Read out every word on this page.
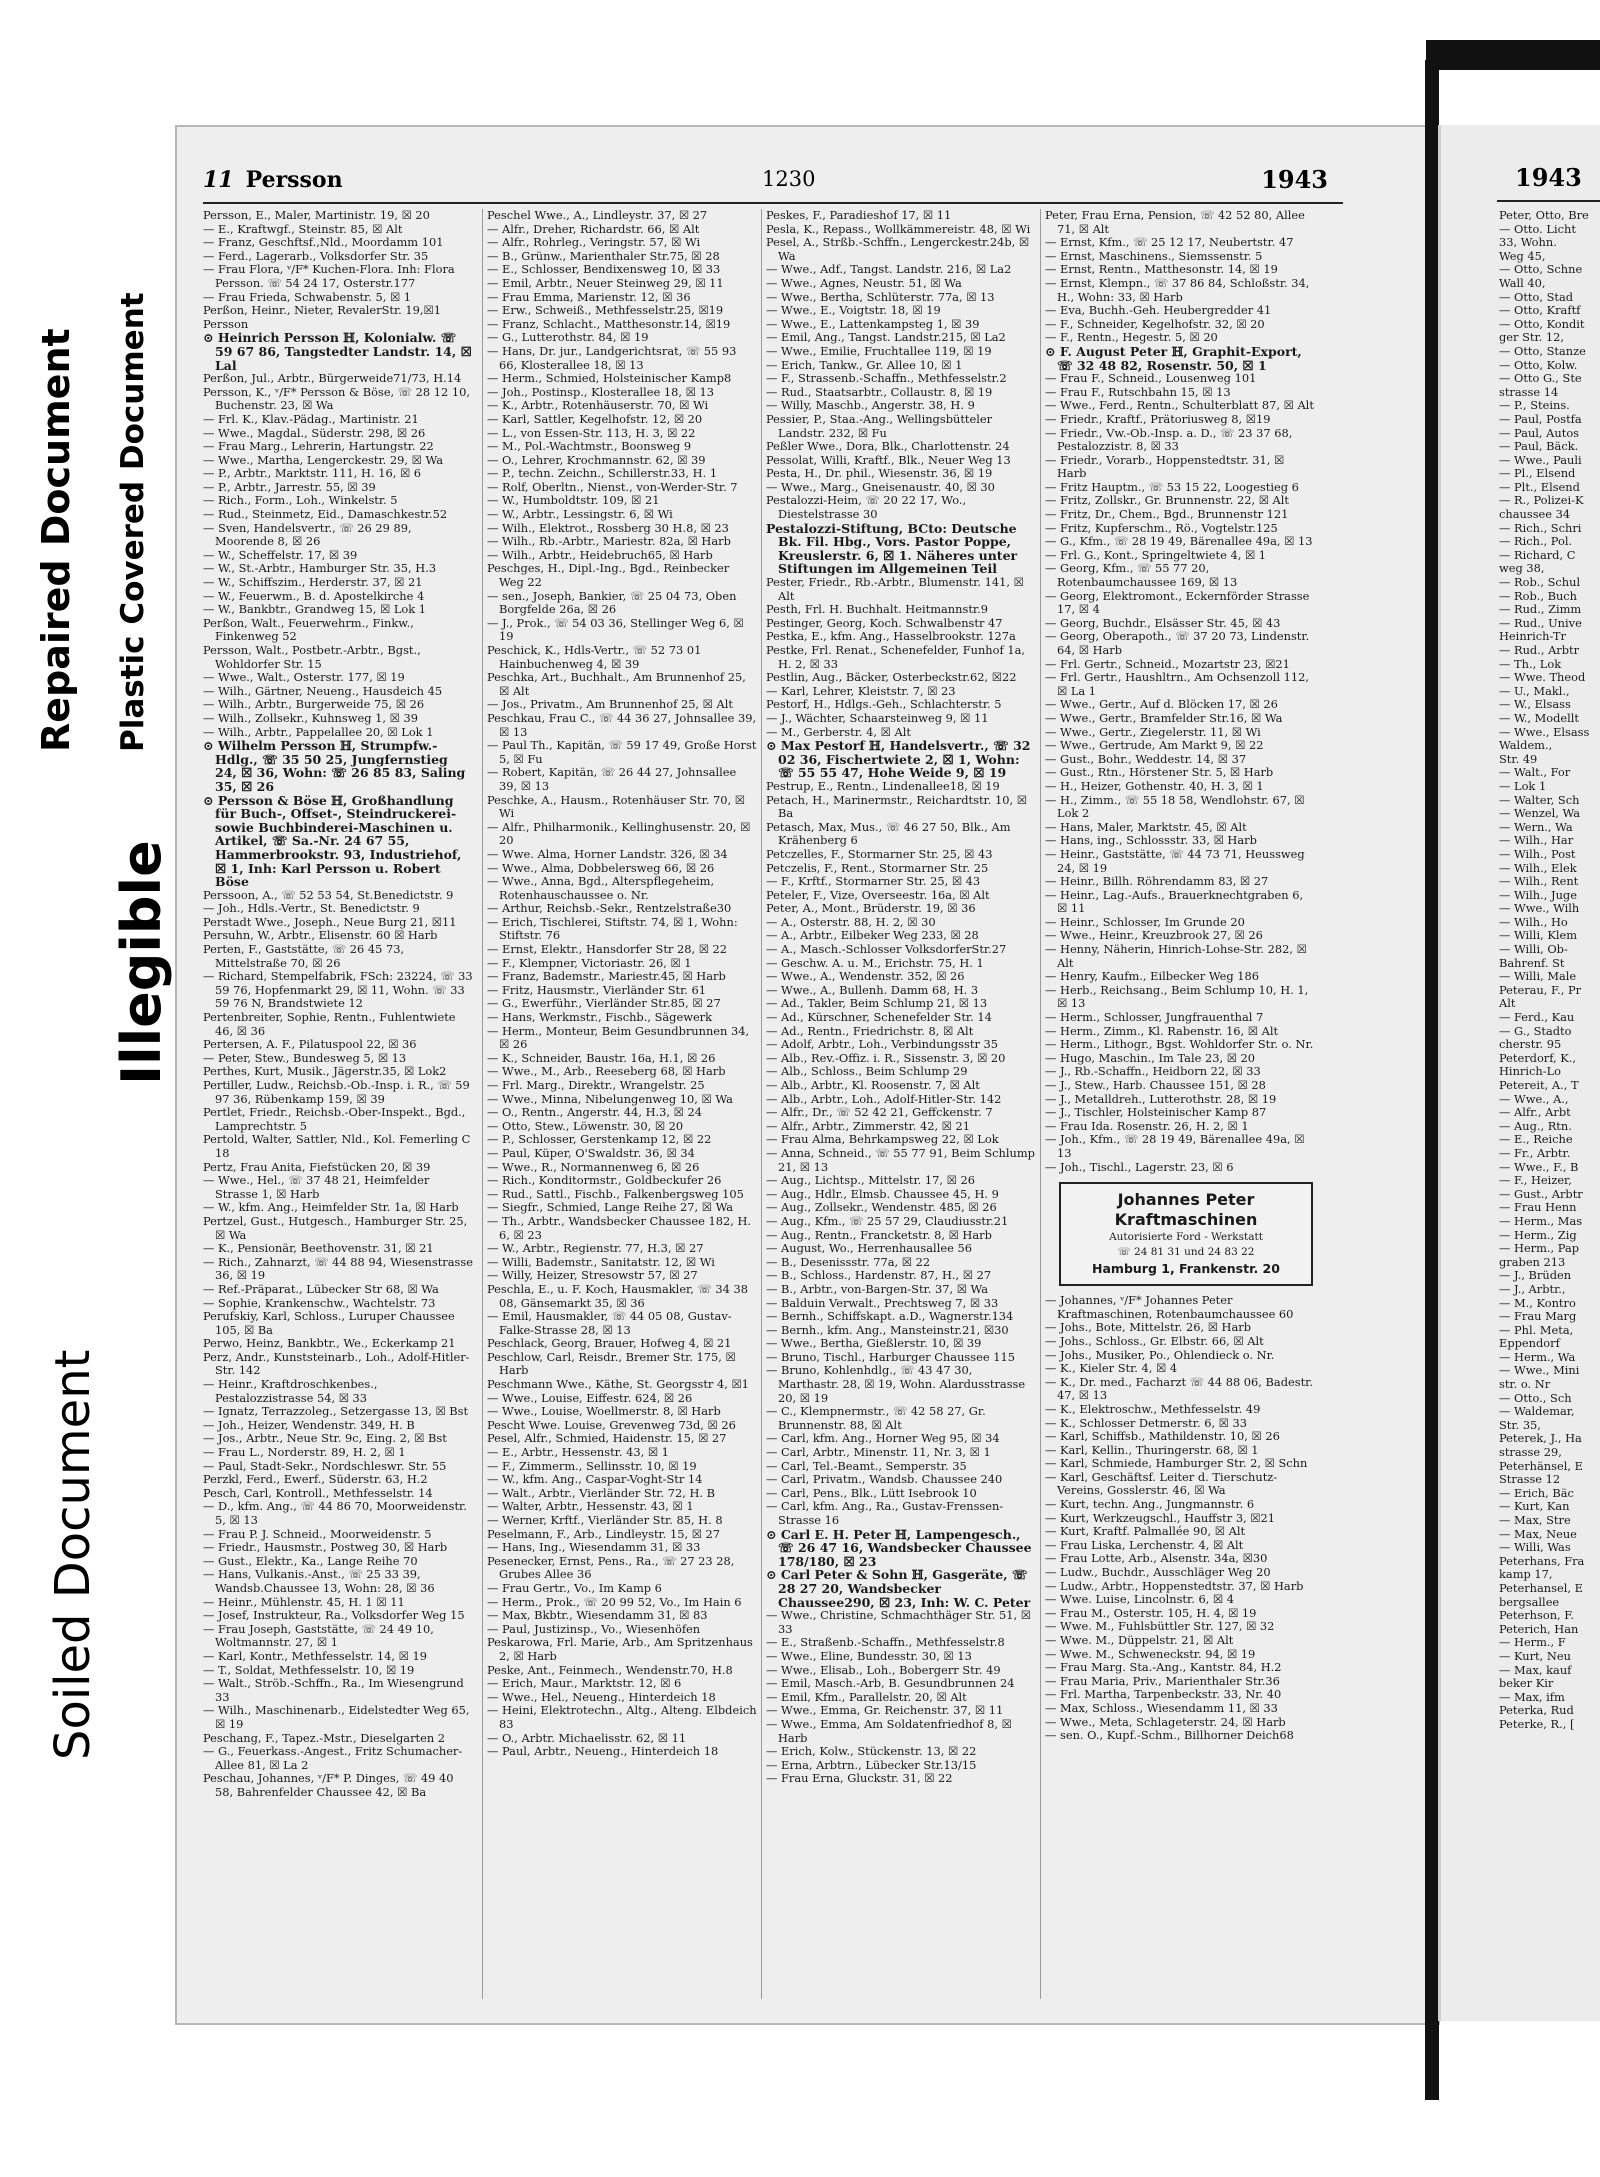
Repaired Document Plastic Covered Document
Illegible
Soiled Document
11 Persson	1230	1943

Persson, E., Maler, Martinistr. 19, ☒ 20

— E., Kraftwgf., Steinstr. 85, ☒ Alt

— Franz, Geschftsf.,Nld., Moordamm 101

— Ferd., Lagerarb., Volksdorfer Str. 35

— Frau Flora, ᵛ/F* Kuchen-Flora. Inh: Flora Persson. ☏ 54 24 17, Osterstr.177

— Frau Frieda, Schwabenstr. 5, ☒ 1

Perßon, Heinr., Nieter, RevalerStr. 19,☒1

Persson

⊙ Heinrich Persson ℍ, Kolonialw. ☏ 59 67 86, Tangstedter Landstr. 14, ☒ Lal

Perßon, Jul., Arbtr., Bürgerweide71/73, H.14

Persson, K., ᵛ/F* Persson & Böse, ☏ 28 12 10, Buchenstr. 23, ☒ Wa

— Frl. K., Klav.-Pädag., Martinistr. 21

— Wwe., Magdal., Süderstr. 298, ☒ 26

— Frau Marg., Lehrerin, Hartungstr. 22

— Wwe., Martha, Lengerckestr. 29, ☒ Wa

— P., Arbtr., Marktstr. 111, H. 16, ☒ 6

— P., Arbtr., Jarrestr. 55, ☒ 39

— Rich., Form., Loh., Winkelstr. 5

— Rud., Steinmetz, Eid., Damaschkestr.52

— Sven, Handelsvertr., ☏ 26 29 89, Moorende 8, ☒ 26

— W., Scheffelstr. 17, ☒ 39

— W., St.-Arbtr., Hamburger Str. 35, H.3

— W., Schiffszim., Herderstr. 37, ☒ 21

— W., Feuerwm., B. d. Apostelkirche 4

— W., Bankbtr., Grandweg 15, ☒ Lok 1

Perßon, Walt., Feuerwehrm., Finkw., Finkenweg 52

Persson, Walt., Postbetr.-Arbtr., Bgst., Wohldorfer Str. 15

— Wwe., Walt., Osterstr. 177, ☒ 19

— Wilh., Gärtner, Neueng., Hausdeich 45

— Wilh., Arbtr., Burgerweide 75, ☒ 26

— Wilh., Zollsekr., Kuhnsweg 1, ☒ 39

— Wilh., Arbtr., Pappelallee 20, ☒ Lok 1

⊙ Wilhelm Persson ℍ, Strumpfw.-Hdlg., ☏ 35 50 25, Jungfernstieg 24, ☒ 36, Wohn: ☏ 26 85 83, Saling 35, ☒ 26

⊙ Persson & Böse ℍ, Großhandlung für Buch-, Offset-, Steindruckerei- sowie Buchbinderei-Maschinen u. Artikel, ☏ Sa.-Nr. 24 67 55, Hammerbrookstr. 93, Industriehof, ☒ 1, Inh: Karl Persson u. Robert Böse

Perssoon, A., ☏ 52 53 54, St.Benedictstr. 9

— Joh., Hdls.-Vertr., St. Benedictstr. 9

Perstadt Wwe., Joseph., Neue Burg 21, ☒11

Persuhn, W., Arbtr., Elisenstr. 60 ☒ Harb

Perten, F., Gaststätte, ☏ 26 45 73, Mittelstraße 70, ☒ 26

— Richard, Stempelfabrik, FSch: 23224, ☏ 33 59 76, Hopfenmarkt 29, ☒ 11, Wohn. ☏ 33 59 76 N, Brandstwiete 12

Pertenbreiter, Sophie, Rentn., Fuhlentwiete 46, ☒ 36

Pertersen, A. F., Pilatuspool 22, ☒ 36

— Peter, Stew., Bundesweg 5, ☒ 13

Perthes, Kurt, Musik., Jägerstr.35, ☒ Lok2

Pertiller, Ludw., Reichsb.-Ob.-Insp. i. R., ☏ 59 97 36, Rübenkamp 159, ☒ 39

Pertlet, Friedr., Reichsb.-Ober-Inspekt., Bgd., Lamprechtstr. 5

Pertold, Walter, Sattler, Nld., Kol. Femerling C 18

Pertz, Frau Anita, Fiefstücken 20, ☒ 39

— Wwe., Hel., ☏ 37 48 21, Heimfelder Strasse 1, ☒ Harb

— W., kfm. Ang., Heimfelder Str. 1a, ☒ Harb

Pertzel, Gust., Hutgesch., Hamburger Str. 25, ☒ Wa

— K., Pensionär, Beethovenstr. 31, ☒ 21

— Rich., Zahnarzt, ☏ 44 88 94, Wiesenstrasse 36, ☒ 19

— Ref.-Präparat., Lübecker Str 68, ☒ Wa

— Sophie, Krankenschw., Wachtelstr. 73

Perufskiy, Karl, Schloss., Luruper Chaussee 105, ☒ Ba

Perwo, Heinz, Bankbtr., We., Eckerkamp 21

Perz, Andr., Kunststeinarb., Loh., Adolf-Hitler-Str. 142

— Heinr., Kraftdroschkenbes., Pestalozzistrasse 54, ☒ 33

— Ignatz, Terrazzoleg., Setzergasse 13, ☒ Bst

— Joh., Heizer, Wendenstr. 349, H. B

— Jos., Arbtr., Neue Str. 9c, Eing. 2, ☒ Bst

— Frau L., Norderstr. 89, H. 2, ☒ 1

— Paul, Stadt-Sekr., Nordschleswr. Str. 55

Perzkl, Ferd., Ewerf., Süderstr. 63, H.2

Pesch, Carl, Kontroll., Methfesselstr. 14

— D., kfm. Ang., ☏ 44 86 70, Moorweidenstr. 5, ☒ 13

— Frau P. J. Schneid., Moorweidenstr. 5

— Friedr., Hausmstr., Postweg 30, ☒ Harb

— Gust., Elektr., Ka., Lange Reihe 70

— Hans, Vulkanis.-Anst., ☏ 25 33 39, Wandsb.Chaussee 13, Wohn: 28, ☒ 36

— Heinr., Mühlenstr. 45, H. 1 ☒ 11

— Josef, Instrukteur, Ra., Volksdorfer Weg 15

— Frau Joseph, Gaststätte, ☏ 24 49 10, Woltmannstr. 27, ☒ 1

— Karl, Kontr., Methfesselstr. 14, ☒ 19

— T., Soldat, Methfesselstr. 10, ☒ 19

— Walt., Ströb.-Schffn., Ra., Im Wiesengrund 33

— Wilh., Maschinenarb., Eidelstedter Weg 65, ☒ 19

Peschang, F., Tapez.-Mstr., Dieselgarten 2

— G., Feuerkass.-Angest., Fritz Schumacher-Allee 81, ☒ La 2

Peschau, Johannes, ᵛ/F* P. Dinges, ☏ 49 40 58, Bahrenfelder Chaussee 42, ☒ Ba

Peschel Wwe., A., Lindleystr. 37, ☒ 27

— Alfr., Dreher, Richardstr. 66, ☒ Alt

— Alfr., Rohrleg., Veringstr. 57, ☒ Wi

— B., Grünw., Marienthaler Str.75, ☒ 28

— E., Schlosser, Bendixensweg 10, ☒ 33

— Emil, Arbtr., Neuer Steinweg 29, ☒ 11

— Frau Emma, Marienstr. 12, ☒ 36

— Erw., Schweiß., Methfesselstr.25, ☒19

— Franz, Schlacht., Matthesonstr.14, ☒19

— G., Lutterothstr. 84, ☒ 19

— Hans, Dr. jur., Landgerichtsrat, ☏ 55 93 66, Klosterallee 18, ☒ 13

— Herm., Schmied, Holsteinischer Kamp8

— Joh., Postinsp., Klosterallee 18, ☒ 13

— K., Arbtr., Rotenhäuserstr. 70, ☒ Wi

— Karl, Sattler, Kegelhofstr. 12, ☒ 20

— L., von Essen-Str. 113, H. 3, ☒ 22

— M., Pol.-Wachtmstr., Boonsweg 9

— O., Lehrer, Krochmannstr. 62, ☒ 39

— P., techn. Zeichn., Schillerstr.33, H. 1

— Rolf, Oberltn., Nienst., von-Werder-Str. 7

— W., Humboldtstr. 109, ☒ 21

— W., Arbtr., Lessingstr. 6, ☒ Wi

— Wilh., Elektrot., Rossberg 30 H.8, ☒ 23

— Wilh., Rb.-Arbtr., Mariestr. 82a, ☒ Harb

— Wilh., Arbtr., Heidebruch65, ☒ Harb

Peschges, H., Dipl.-Ing., Bgd., Reinbecker Weg 22

— sen., Joseph, Bankier, ☏ 25 04 73, Oben Borgfelde 26a, ☒ 26

— J., Prok., ☏ 54 03 36, Stellinger Weg 6, ☒ 19

Peschick, K., Hdls-Vertr., ☏ 52 73 01 Hainbuchenweg 4, ☒ 39

Peschka, Art., Buchhalt., Am Brunnenhof 25, ☒ Alt

— Jos., Privatm., Am Brunnenhof 25, ☒ Alt

Peschkau, Frau C., ☏ 44 36 27, Johnsallee 39, ☒ 13

— Paul Th., Kapitän, ☏ 59 17 49, Große Horst 5, ☒ Fu

— Robert, Kapitän, ☏ 26 44 27, Johnsallee 39, ☒ 13

Peschke, A., Hausm., Rotenhäuser Str. 70, ☒ Wi

— Alfr., Philharmonik., Kellinghusenstr. 20, ☒ 20

— Wwe. Alma, Horner Landstr. 326, ☒ 34

— Wwe., Alma, Dobbelersweg 66, ☒ 26

— Wwe., Anna, Bgd., Alterspflegeheim, Rotenhauschaussee o. Nr.

— Arthur, Reichsb.-Sekr., Rentzelstraße30

— Erich, Tischlerei, Stiftstr. 74, ☒ 1, Wohn: Stiftstr. 76

— Ernst, Elektr., Hansdorfer Str 28, ☒ 22

— F., Klempner, Victoriastr. 26, ☒ 1

— Franz, Bademstr., Mariestr.45, ☒ Harb

— Fritz, Hausmstr., Vierländer Str. 61

— G., Ewerführ., Vierländer Str.85, ☒ 27

— Hans, Werkmstr., Fischb., Sägewerk

— Herm., Monteur, Beim Gesundbrunnen 34, ☒ 26

— K., Schneider, Baustr. 16a, H.1, ☒ 26

— Wwe., M., Arb., Reeseberg 68, ☒ Harb

— Frl. Marg., Direktr., Wrangelstr. 25

— Wwe., Minna, Nibelungenweg 10, ☒ Wa

— O., Rentn., Angerstr. 44, H.3, ☒ 24

— Otto, Stew., Löwenstr. 30, ☒ 20

— P., Schlosser, Gerstenkamp 12, ☒ 22

— Paul, Küper, O'Swaldstr. 36, ☒ 34

— Wwe., R., Normannenweg 6, ☒ 26

— Rich., Konditormstr., Goldbeckufer 26

— Rud., Sattl., Fischb., Falkenbergsweg 105

— Siegfr., Schmied, Lange Reihe 27, ☒ Wa

— Th., Arbtr., Wandsbecker Chaussee 182, H. 6, ☒ 23

— W., Arbtr., Regienstr. 77, H.3, ☒ 27

— Willi, Bademstr., Sanitatstr. 12, ☒ Wi

— Willy, Heizer, Stresowstr 57, ☒ 27

Peschla, E., u. F. Koch, Hausmakler, ☏ 34 38 08, Gänsemarkt 35, ☒ 36

— Emil, Hausmakler, ☏ 44 05 08, Gustav-Falke-Strasse 28, ☒ 13

Peschlack, Georg, Brauer, Hofweg 4, ☒ 21

Peschlow, Carl, Reisdr., Bremer Str. 175, ☒ Harb

Peschmann Wwe., Käthe, St. Georgsstr 4, ☒1

— Wwe., Louise, Eiffestr. 624, ☒ 26

— Wwe., Louise, Woellmerstr. 8, ☒ Harb

Pescht Wwe. Louise, Grevenweg 73d, ☒ 26

Pesel, Alfr., Schmied, Haidenstr. 15, ☒ 27

— E., Arbtr., Hessenstr. 43, ☒ 1

— F., Zimmerm., Sellinsstr. 10, ☒ 19

— W., kfm. Ang., Caspar-Voght-Str 14

— Walt., Arbtr., Vierländer Str. 72, H. B

— Walter, Arbtr., Hessenstr. 43, ☒ 1

— Werner, Krftf., Vierländer Str. 85, H. 8

Peselmann, F., Arb., Lindleystr. 15, ☒ 27

— Hans, Ing., Wiesendamm 31, ☒ 33

Pesenecker, Ernst, Pens., Ra., ☏ 27 23 28, Grubes Allee 36

— Frau Gertr., Vo., Im Kamp 6

— Herm., Prok., ☏ 20 99 52, Vo., Im Hain 6

— Max, Bkbtr., Wiesendamm 31, ☒ 83

— Paul, Justizinsp., Vo., Wiesenhöfen

Peskarowa, Frl. Marie, Arb., Am Spritzenhaus 2, ☒ Harb

Peske, Ant., Feinmech., Wendenstr.70, H.8

— Erich, Maur., Marktstr. 12, ☒ 6

— Wwe., Hel., Neueng., Hinterdeich 18

— Heini, Elektrotechn., Altg., Alteng. Elbdeich 83

— O., Arbtr. Michaelisstr. 62, ☒ 11

— Paul, Arbtr., Neueng., Hinterdeich 18

Peskes, F., Paradieshof 17, ☒ 11

Pesla, K., Repass., Wollkämmereistr. 48, ☒ Wi

Pesel, A., Strßb.-Schffn., Lengerckestr.24b, ☒ Wa

— Wwe., Adf., Tangst. Landstr. 216, ☒ La2

— Wwe., Agnes, Neustr. 51, ☒ Wa

— Wwe., Bertha, Schlüterstr. 77a, ☒ 13

— Wwe., E., Voigtstr. 18, ☒ 19

— Wwe., E., Lattenkampsteg 1, ☒ 39

— Emil, Ang., Tangst. Landstr.215, ☒ La2

— Wwe., Emilie, Fruchtallee 119, ☒ 19

— Erich, Tankw., Gr. Allee 10, ☒ 1

— F., Strassenb.-Schaffn., Methfesselstr.2

— Rud., Staatsarbtr., Collaustr. 8, ☒ 19

— Willy, Maschb., Angerstr. 38, H. 9

Pessier, P., Staa.-Ang., Wellingsbütteler Landstr. 232, ☒ Fu

Peßler Wwe., Dora, Blk., Charlottenstr. 24

Pessolat, Willi, Kraftf., Blk., Neuer Weg 13

Pesta, H., Dr. phil., Wiesenstr. 36, ☒ 19

— Wwe., Marg., Gneisenaustr. 40, ☒ 30

Pestalozzi-Heim, ☏ 20 22 17, Wo., Diestelstrasse 30

Pestalozzi-Stiftung, BCto: Deutsche Bk. Fil. Hbg., Vors. Pastor Poppe, Kreuslerstr. 6, ☒ 1. Näheres unter Stiftungen im Allgemeinen Teil

Pester, Friedr., Rb.-Arbtr., Blumenstr. 141, ☒ Alt

Pesth, Frl. H. Buchhalt. Heitmannstr.9

Pestinger, Georg, Koch. Schwalbenstr 47

Pestka, E., kfm. Ang., Hasselbrookstr. 127a

Pestke, Frl. Renat., Schenefelder, Funhof 1a, H. 2, ☒ 33

Pestlin, Aug., Bäcker, Osterbeckstr.62, ☒22

— Karl, Lehrer, Kleiststr. 7, ☒ 23

Pestorf, H., Hdlgs.-Geh., Schlachterstr. 5

— J., Wächter, Schaarsteinweg 9, ☒ 11

— M., Gerberstr. 4, ☒ Alt

⊙ Max Pestorf ℍ, Handelsvertr., ☏ 32 02 36, Fischertwiete 2, ☒ 1, Wohn: ☏ 55 55 47, Hohe Weide 9, ☒ 19

Pestrup, E., Rentn., Lindenallee18, ☒ 19

Petach, H., Marinermstr., Reichardtstr. 10, ☒ Ba

Petasch, Max, Mus., ☏ 46 27 50, Blk., Am Krähenberg 6

Petczelles, F., Stormarner Str. 25, ☒ 43

Petczelis, F., Rent., Stormarner Str. 25

— F., Krftf., Stormarner Str. 25, ☒ 43

Peteler, F., Vize, Overseestr. 16a, ☒ Alt

Peter, A., Mont., Brüderstr. 19, ☒ 36

— A., Osterstr. 88, H. 2, ☒ 30

— A., Arbtr., Eilbeker Weg 233, ☒ 28

— A., Masch.-Schlosser VolksdorferStr.27

— Geschw. A. u. M., Erichstr. 75, H. 1

— Wwe., A., Wendenstr. 352, ☒ 26

— Wwe., A., Bullenh. Damm 68, H. 3

— Ad., Takler, Beim Schlump 21, ☒ 13

— Ad., Kürschner, Schenefelder Str. 14

— Ad., Rentn., Friedrichstr. 8, ☒ Alt

— Adolf, Arbtr., Loh., Verbindungsstr 35

— Alb., Rev.-Offiz. i. R., Sissenstr. 3, ☒ 20

— Alb., Schloss., Beim Schlump 29

— Alb., Arbtr., Kl. Roosenstr. 7, ☒ Alt

— Alb., Arbtr., Loh., Adolf-Hitler-Str. 142

— Alfr., Dr., ☏ 52 42 21, Geffckenstr. 7

— Alfr., Arbtr., Zimmerstr. 42, ☒ 21

— Frau Alma, Behrkampsweg 22, ☒ Lok

— Anna, Schneid., ☏ 55 77 91, Beim Schlump 21, ☒ 13

— Aug., Lichtsp., Mittelstr. 17, ☒ 26

— Aug., Hdlr., Elmsb. Chaussee 45, H. 9

— Aug., Zollsekr., Wendenstr. 485, ☒ 26

— Aug., Kfm., ☏ 25 57 29, Claudiusstr.21

— Aug., Rentn., Francketstr. 8, ☒ Harb

— August, Wo., Herrenhausallee 56

— B., Desenissstr. 77a, ☒ 22

— B., Schloss., Hardenstr. 87, H., ☒ 27

— B., Arbtr., von-Bargen-Str. 37, ☒ Wa

— Balduin Verwalt., Prechtsweg 7, ☒ 33

— Bernh., Schiffskapt. a.D., Wagnerstr.134

— Bernh., kfm. Ang., Mansteinstr.21, ☒30

— Wwe., Bertha, Gießlerstr. 10, ☒ 39

— Bruno, Tischl., Harburger Chaussee 115

— Bruno, Kohlenhdlg., ☏ 43 47 30, Marthastr. 28, ☒ 19, Wohn. Alardusstrasse 20, ☒ 19

— C., Klempnermstr., ☏ 42 58 27, Gr. Brunnenstr. 88, ☒ Alt

— Carl, kfm. Ang., Horner Weg 95, ☒ 34

— Carl, Arbtr., Minenstr. 11, Nr. 3, ☒ 1

— Carl, Tel.-Beamt., Semperstr. 35

— Carl, Privatm., Wandsb. Chaussee 240

— Carl, Pens., Blk., Lütt Isebrook 10

— Carl, kfm. Ang., Ra., Gustav-Frenssen-Strasse 16

⊙ Carl E. H. Peter ℍ, Lampengesch., ☏ 26 47 16, Wandsbecker Chaussee 178/180, ☒ 23

⊙ Carl Peter & Sohn ℍ, Gasgeräte, ☏ 28 27 20, Wandsbecker Chaussee290, ☒ 23, Inh: W. C. Peter

— Wwe., Christine, Schmachthäger Str. 51, ☒ 33

— E., Straßenb.-Schaffn., Methfesselstr.8

— Wwe., Eline, Bundesstr. 30, ☒ 13

— Wwe., Elisab., Loh., Bobergerr Str. 49

— Emil, Masch.-Arb, B. Gesundbrunnen 24

— Emil, Kfm., Parallelstr. 20, ☒ Alt

— Wwe., Emma, Gr. Reichenstr. 37, ☒ 11

— Wwe., Emma, Am Soldatenfriedhof 8, ☒ Harb

— Erich, Kolw., Stückenstr. 13, ☒ 22

— Erna, Arbtrn., Lübecker Str.13/15

— Frau Erna, Gluckstr. 31, ☒ 22

Peter, Frau Erna, Pension, ☏ 42 52 80, Allee 71, ☒ Alt

— Ernst, Kfm., ☏ 25 12 17, Neubertstr. 47

— Ernst, Maschinens., Siemssenstr. 5

— Ernst, Rentn., Matthesonstr. 14, ☒ 19

— Ernst, Klempn., ☏ 37 86 84, Schloßstr. 34, H., Wohn: 33, ☒ Harb

— Eva, Buchh.-Geh. Heubergredder 41

— F., Schneider, Kegelhofstr. 32, ☒ 20

— F., Rentn., Hegestr. 5, ☒ 20

⊙ F. August Peter ℍ, Graphit-Export, ☏ 32 48 82, Rosenstr. 50, ☒ 1

— Frau F., Schneid., Lousenweg 101

— Frau F., Rutschbahn 15, ☒ 13

— Wwe., Ferd., Rentn., Schulterblatt 87, ☒ Alt

— Friedr., Kraftf., Prätoriusweg 8, ☒19

— Friedr., Vw.-Ob.-Insp. a. D., ☏ 23 37 68, Pestalozzistr. 8, ☒ 33

— Friedr., Vorarb., Hoppenstedtstr. 31, ☒ Harb

— Fritz Hauptm., ☏ 53 15 22, Loogestieg 6

— Fritz, Zollskr., Gr. Brunnenstr. 22, ☒ Alt

— Fritz, Dr., Chem., Bgd., Brunnenstr 121

— Fritz, Kupferschm., Rö., Vogtelstr.125

— G., Kfm., ☏ 28 19 49, Bärenallee 49a, ☒ 13

— Frl. G., Kont., Springeltwiete 4, ☒ 1

— Georg, Kfm., ☏ 55 77 20, Rotenbaumchaussee 169, ☒ 13

— Georg, Elektromont., Eckernförder Strasse 17, ☒ 4

— Georg, Buchdr., Elsässer Str. 45, ☒ 43

— Georg, Oberapoth., ☏ 37 20 73, Lindenstr. 64, ☒ Harb

— Frl. Gertr., Schneid., Mozartstr 23, ☒21

— Frl. Gertr., Haushltrn., Am Ochsenzoll 112, ☒ La 1

— Wwe., Gertr., Auf d. Blöcken 17, ☒ 26

— Wwe., Gertr., Bramfelder Str.16, ☒ Wa

— Wwe., Gertr., Ziegelerstr. 11, ☒ Wi

— Wwe., Gertrude, Am Markt 9, ☒ 22

— Gust., Bohr., Weddestr. 14, ☒ 37

— Gust., Rtn., Hörstener Str. 5, ☒ Harb

— H., Heizer, Gothenstr. 40, H. 3, ☒ 1

— H., Zimm., ☏ 55 18 58, Wendlohstr. 67, ☒ Lok 2

— Hans, Maler, Marktstr. 45, ☒ Alt

— Hans, ing., Schlossstr. 33, ☒ Harb

— Heinr., Gaststätte, ☏ 44 73 71, Heussweg 24, ☒ 19

— Heinr., Billh. Röhrendamm 83, ☒ 27

— Heinr., Lag.-Aufs., Brauerknechtgraben 6, ☒ 11

— Heinr., Schlosser, Im Grunde 20

— Wwe., Heinr., Kreuzbrook 27, ☒ 26

— Henny, Näherin, Hinrich-Lohse-Str. 282, ☒ Alt

— Henry, Kaufm., Eilbecker Weg 186

— Herb., Reichsang., Beim Schlump 10, H. 1, ☒ 13

— Herm., Schlosser, Jungfrauenthal 7

— Herm., Zimm., Kl. Rabenstr. 16, ☒ Alt

— Herm., Lithogr., Bgst. Wohldorfer Str. o. Nr.

— Hugo, Maschin., Im Tale 23, ☒ 20

— J., Rb.-Schaffn., Heidborn 22, ☒ 33

— J., Stew., Harb. Chaussee 151, ☒ 28

— J., Metalldreh., Lutterothstr. 28, ☒ 19

— J., Tischler, Holsteinischer Kamp 87

— Frau Ida. Rosenstr. 26, H. 2, ☒ 1

— Joh., Kfm., ☏ 28 19 49, Bärenallee 49a, ☒ 13

— Joh., Tischl., Lagerstr. 23, ☒ 6

Johannes Peter
Kraftmaschinen
Autorisierte Ford - Werkstatt
☏ 24 81 31 und 24 83 22
Hamburg 1, Frankenstr. 20

— Johannes, ᵛ/F* Johannes Peter Kraftmaschinen, Rotenbaumchaussee 60

— Johs., Bote, Mittelstr. 26, ☒ Harb

— Johs., Schloss., Gr. Elbstr. 66, ☒ Alt

— Johs., Musiker, Po., Ohlendieck o. Nr.

— K., Kieler Str. 4, ☒ 4

— K., Dr. med., Facharzt ☏ 44 88 06, Badestr. 47, ☒ 13

— K., Elektroschw., Methfesselstr. 49

— K., Schlosser Detmerstr. 6, ☒ 33

— Karl, Schiffsb., Mathildenstr. 10, ☒ 26

— Karl, Kellin., Thuringerstr. 68, ☒ 1

— Karl, Schmiede, Hamburger Str. 2, ☒ Schn

— Karl, Geschäftsf. Leiter d. Tierschutz-Vereins, Gosslerstr. 46, ☒ Wa

— Kurt, techn. Ang., Jungmannstr. 6

— Kurt, Werkzeugschl., Hauffstr 3, ☒21

— Kurt, Kraftf. Palmallée 90, ☒ Alt

— Frau Liska, Lerchenstr. 4, ☒ Alt

— Frau Lotte, Arb., Alsenstr. 34a, ☒30

— Ludw., Buchdr., Ausschläger Weg 20

— Ludw., Arbtr., Hoppenstedtstr. 37, ☒ Harb

— Wwe. Luise, Lincolnstr. 6, ☒ 4

— Frau M., Osterstr. 105, H. 4, ☒ 19

— Wwe. M., Fuhlsbüttler Str. 127, ☒ 32

— Wwe. M., Düppelstr. 21, ☒ Alt

— Wwe. M., Schweneckstr. 94, ☒ 19

— Frau Marg. Sta.-Ang., Kantstr. 84, H.2

— Frau Maria, Priv., Marienthaler Str.36

— Frl. Martha, Tarpenbeckstr. 33, Nr. 40

— Max, Schloss., Wiesendamm 11, ☒ 33

— Wwe., Meta, Schlageterstr. 24, ☒ Harb

— sen. O., Kupf.-Schm., Billhorner Deich68

1943

Peter, Otto, Bre

— Otto. Licht

33, Wohn.

Weg 45,

— Otto, Schne

Wall 40,

— Otto, Stad

— Otto, Kraftf

— Otto, Kondit

ger Str. 12,

— Otto, Stanze

— Otto, Kolw.

— Otto G., Ste

strasse 14

— P., Steins.

— Paul, Postfa

— Paul, Autos

— Paul, Bäck.

— Wwe., Pauli

— Pl., Elsend

— Plt., Elsend

— R., Polizei-K

chaussee 34

— Rich., Schri

— Rich., Pol.

— Richard, C

weg 38,

— Rob., Schul

— Rob., Buch

— Rud., Zimm

— Rud., Unive

Heinrich-Tr

— Rud., Arbtr

— Th., Lok

— Wwe. Theod

— U., Makl.,

— W., Elsass

— W., Modellt

— Wwe., Elsass

Waldem.,

Str. 49

— Walt., For

— Lok 1

— Walter, Sch

— Wenzel, Wa

— Wern., Wa

— Wilh., Har

— Wilh., Post

— Wilh., Elek

— Wilh., Rent

— Wilh., Juge

— Wwe., Wilh

— Wilh., Ho

— Willi, Klem

— Willi, Ob-

Bahrenf. St

— Willi, Male

Peterau, F., Pr

Alt

— Ferd., Kau

— G., Stadto

cherstr. 95

Peterdorf, K.,

Hinrich-Lo

Petereit, A., T

— Wwe., A.,

— Alfr., Arbt

— Aug., Rtn.

— E., Reiche

— Fr., Arbtr.

— Wwe., F., B

— F., Heizer,

— Gust., Arbtr

— Frau Henn

— Herm., Mas

— Herm., Zig

— Herm., Pap

graben 213

— J., Brüden

— J., Arbtr.,

— M., Kontro

— Frau Marg

— Phl. Meta,

Eppendorf

— Herm., Wa

— Wwe., Mini

str. o. Nr

— Otto., Sch

— Waldemar,

Str. 35,

Peterek, J., Ha

strasse 29,

Peterhänsel, E

Strasse 12

— Erich, Bäc

— Kurt, Kan

— Max, Stre

— Max, Neue

— Willi, Was

Peterhans, Fra

kamp 17,

Peterhansel, E

bergsallee

Peterhson, F.

Peterich, Han

— Herm., F

— Kurt, Neu

— Max, kauf

beker Kir

— Max, ifm

Peterka, Rud

Peterke, R., [
